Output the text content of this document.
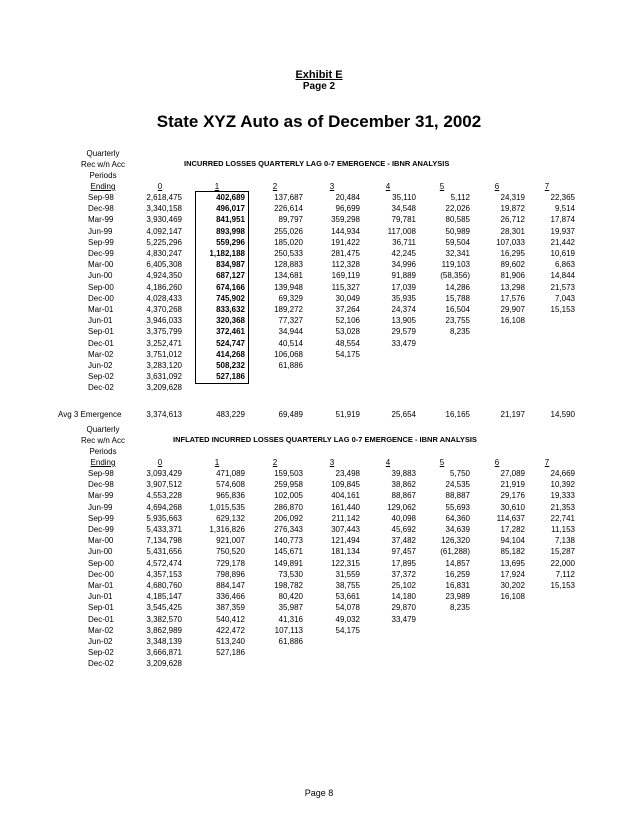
Exhibit E
Page 2
State XYZ Auto as of December 31, 2002
Quarterly
Rec w/n Acc
Periods
Ending
INCURRED LOSSES QUARTERLY LAG 0-7 EMERGENCE - IBNR ANALYSIS
0	1	2	3	4	5	6	7
Sep-98	2,618,475	402,689	137,687	20,484	35,110	5,112	24,319	22,365
Dec-98	3,340,158	496,017	226,614	96,699	34,548	22,026	19,872	9,514
Mar-99	3,930,469	841,951	89,797	359,298	79,781	80,585	26,712	17,874
Jun-99	4,092,147	893,998	255,026	144,934	117,008	50,989	28,301	19,937
Sep-99	5,225,296	559,296	185,020	191,422	36,711	59,504	107,033	21,442
Dec-99	4,830,247	1,182,188	250,533	281,475	42,245	32,341	16,295	10,619
Mar-00	6,405,308	834,987	128,883	112,328	34,996	119,103	89,602	6,863
Jun-00	4,924,350	687,127	134,681	169,119	91,889	(58,356)	81,906	14,844
Sep-00	4,186,260	674,166	139,948	115,327	17,039	14,286	13,298	21,573
Dec-00	4,028,433	745,902	69,329	30,049	35,935	15,788	17,576	7,043
Mar-01	4,370,268	833,632	189,272	37,264	24,374	16,504	29,907	15,153
Jun-01	3,946,033	320,368	77,327	52,106	13,905	23,755	16,108
Sep-01	3,375,799	372,461	34,944	53,028	29,579	8,235
Dec-01	3,252,471	524,747	40,514	48,554	33,479
Mar-02	3,751,012	414,268	106,068	54,175
Jun-02	3,283,120	508,232	61,886
Sep-02	3,631,092	527,186
Dec-02	3,209,628
Avg 3 Emergence	3,374,613	483,229	69,489	51,919	25,654	16,165	21,197	14,590
Quarterly
Rec w/n Acc
Periods
Ending
INFLATED INCURRED LOSSES QUARTERLY LAG 0-7 EMERGENCE - IBNR ANALYSIS
0	1	2	3	4	5	6	7
Sep-98	3,093,429	471,089	159,503	23,498	39,883	5,750	27,089	24,669
Dec-98	3,907,512	574,608	259,958	109,845	38,862	24,535	21,919	10,392
Mar-99	4,553,228	965,836	102,005	404,161	88,867	88,887	29,176	19,333
Jun-99	4,694,268	1,015,535	286,870	161,440	129,062	55,693	30,610	21,353
Sep-99	5,935,663	629,132	206,092	211,142	40,098	64,360	114,637	22,741
Dec-99	5,433,371	1,316,826	276,343	307,443	45,692	34,639	17,282	11,153
Mar-00	7,134,798	921,007	140,773	121,494	37,482	126,320	94,104	7,138
Jun-00	5,431,656	750,520	145,671	181,134	97,457	(61,288)	85,182	15,287
Sep-00	4,572,474	729,178	149,891	122,315	17,895	14,857	13,695	22,000
Dec-00	4,357,153	798,896	73,530	31,559	37,372	16,259	17,924	7,112
Mar-01	4,680,760	884,147	198,782	38,755	25,102	16,831	30,202	15,153
Jun-01	4,185,147	336,466	80,420	53,661	14,180	23,989	16,108
Sep-01	3,545,425	387,359	35,987	54,078	29,870	8,235
Dec-01	3,382,570	540,412	41,316	49,032	33,479
Mar-02	3,862,989	422,472	107,113	54,175
Jun-02	3,348,139	513,240	61,886
Sep-02	3,666,871	527,186
Dec-02	3,209,628
Page 8
